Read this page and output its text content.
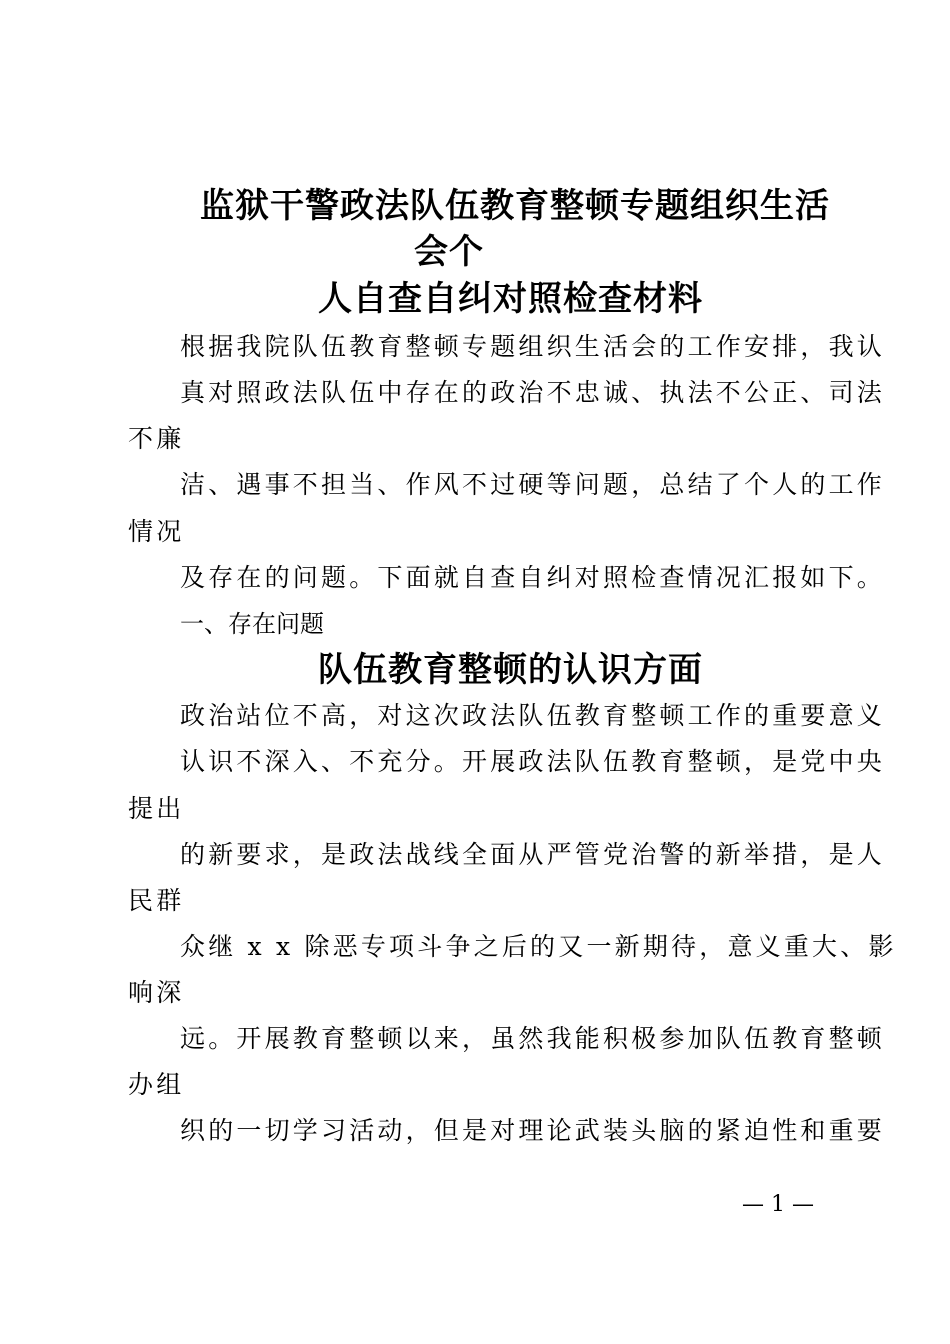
监狱干警政法队伍教育整顿专题组织生活
会个
人自查自纠对照检查材料

根据我院队伍教育整顿专题组织生活会的工作安排，我认

真对照政法队伍中存在的政治不忠诚、执法不公正、司法

不廉

洁、遇事不担当、作风不过硬等问题，总结了个人的工作

情况

及存在的问题。下面就自查自纠对照检查情况汇报如下。

一、存在问题
队伍教育整顿的认识方面

政治站位不高，对这次政法队伍教育整顿工作的重要意义

认识不深入、不充分。开展政法队伍教育整顿，是党中央

提出

的新要求，是政法战线全面从严管党治警的新举措，是人

民群

众继 x x 除恶专项斗争之后的又一新期待，意义重大、影

响深

远。开展教育整顿以来，虽然我能积极参加队伍教育整顿

办组

织的一切学习活动，但是对理论武装头脑的紧迫性和重要

— 1 —
